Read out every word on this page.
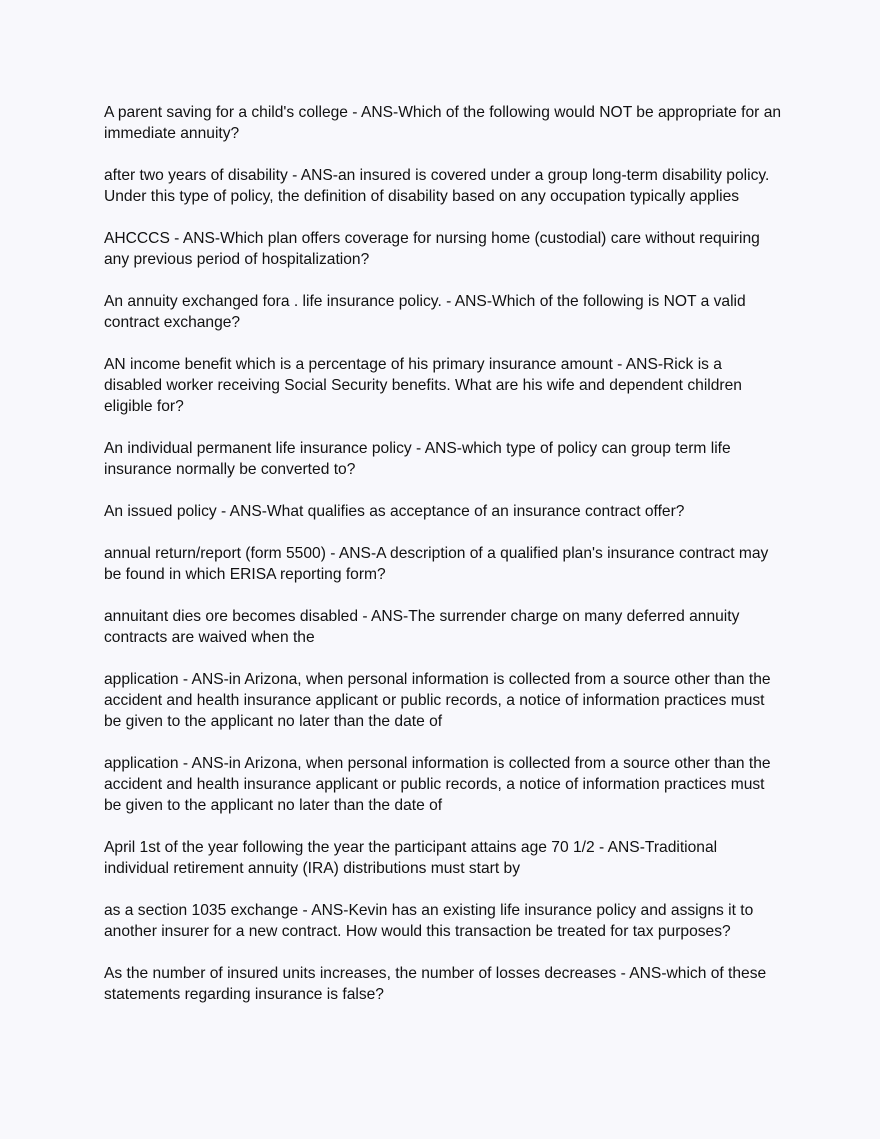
A parent saving for a child's college - ANS-Which of the following would NOT be appropriate for an immediate annuity?

after two years of disability - ANS-an insured is covered under a group long-term disability policy. Under this type of policy, the definition of disability based on any occupation typically applies

AHCCCS - ANS-Which plan offers coverage for nursing home (custodial) care without requiring any previous period of hospitalization?

An annuity exchanged fora . life insurance policy. - ANS-Which of the following is NOT a valid contract exchange?

AN income benefit which is a percentage of his primary insurance amount - ANS-Rick is a disabled worker receiving Social Security benefits. What are his wife and dependent children eligible for?

An individual permanent life insurance policy - ANS-which type of policy can group term life insurance normally be converted to?

An issued policy - ANS-What qualifies as acceptance of an insurance contract offer?

annual return/report (form 5500) - ANS-A description of a qualified plan's insurance contract may be found in which ERISA reporting form?

annuitant dies ore becomes disabled - ANS-The surrender charge on many deferred annuity contracts are waived when the

application - ANS-in Arizona, when personal information is collected from a source other than the accident and health insurance applicant or public records, a notice of information practices must be given to the applicant no later than the date of

application - ANS-in Arizona, when personal information is collected from a source other than the accident and health insurance applicant or public records, a notice of information practices must be given to the applicant no later than the date of

April 1st of the year following the year the participant attains age 70 1/2 - ANS-Traditional individual retirement annuity (IRA) distributions must start by

as a section 1035 exchange - ANS-Kevin has an existing life insurance policy and assigns it to another insurer for a new contract. How would this transaction be treated for tax purposes?

As the number of insured units increases, the number of losses decreases - ANS-which of these statements regarding insurance is false?
